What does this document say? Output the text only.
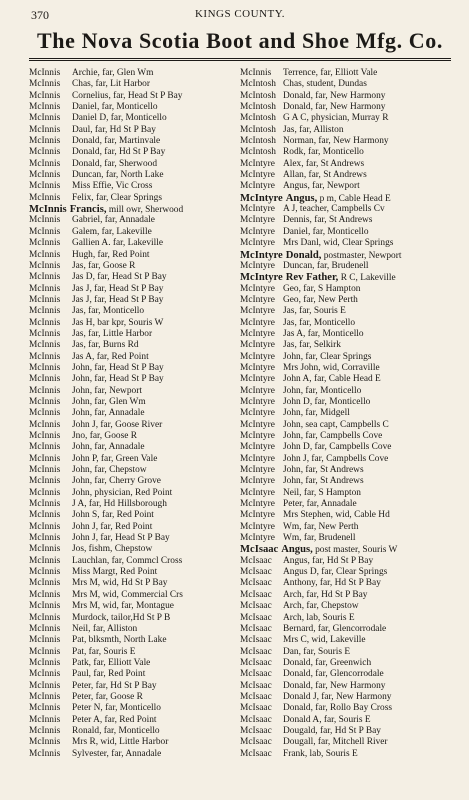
370	KINGS COUNTY.
The Nova Scotia Boot and Shoe Mfg. Co.
McInnis Archie, far, Glen Wm
McInnis Chas, far, Lit Harbor
McInnis Cornelius, far, Head St P Bay
McInnis Daniel, far, Monticello
McInnis Daniel D, far, Monticello
McInnis Daul, far, Hd St P Bay
McInnis Donald, far, Martinvale
McInnis Donald, far, Hd St P Bay
McInnis Donald, far, Sherwood
McInnis Duncan, far, North Lake
McInnis Miss Effie, Vic Cross
McInnis Felix, far, Clear Springs
McInnis Francis, mill owr, Sherwood
McInnis Gabriel, far, Annadale
McInnis Galem, far, Lakeville
McInnis Gallien A. far, Lakeville
McInnis Hugh, far, Red Point
McInnis Jas, far, Goose R
McInnis Jas D, far, Head St P Bay
McInnis Jas J, far, Head St P Bay
McInnis Jas J, far, Head St P Bay
McInnis Jas, far, Monticello
McInnis Jas H, bar kpr, Souris W
McInnis Jas, far, Little Harbor
McInnis Jas, far, Burns Rd
McInnis Jas A, far, Red Point
McInnis John, far, Head St P Bay
McInnis John, far, Head St P Bay
McInnis John, far, Newport
McInnis John, far, Glen Wm
McInnis John, far, Annadale
McInnis John J, far, Goose River
McInnis Jno, far, Goose R
McInnis John, far, Annadale
McInnis John P, far, Green Vale
McInnis John, far, Chepstow
McInnis John, far, Cherry Grove
McInnis John, physician, Red Point
McInnis J A, far, Hd Hillsborough
McInnis John S, far, Red Point
McInnis John J, far, Red Point
McInnis John J, far, Head St P Bay
McInnis Jos, fishm, Chepstow
McInnis Lauchlan, far, Commcl Cross
McInnis Miss Margt, Red Point
McInnis Mrs M, wid, Hd St P Bay
McInnis Mrs M, wid, Commercial Crs
McInnis Mrs M, wid, far, Montague
McInnis Murdock, tailor,Hd St P B
McInnis Neil, far, Alliston
McInnis Pat, blksmth, North Lake
McInnis Pat, far, Souris E
McInnis Patk, far, Elliott Vale
McInnis Paul, far, Red Point
McInnis Peter, far, Hd St P Bay
McInnis Peter, far, Goose R
McInnis Peter N, far, Monticello
McInnis Peter A, far, Red Point
McInnis Ronald, far, Monticello
McInnis Mrs R, wid, Little Harbor
McInnis Sylvester, far, Annadale
McInnis Terrence, far, Elliott Vale
McIntosh Chas, student, Dundas
McIntosh Donald, far, New Harmony
McIntosh Donald, far, New Harmony
McIntosh G A C, physician, Murray R
McIntosh Jas, far, Alliston
McIntosh Norman, far, New Harmony
McIntosh Rodk, far, Monticello
McIntyre Alex, far, St Andrews
McIntyre Allan, far, St Andrews
McIntyre Angus, far, Newport
McIntyre Angus, p m, Cable Head E
McIntyre A J, teacher, Campbells Cv
McIntyre Dennis, far, St Andrews
McIntyre Daniel, far, Monticello
McIntyre Mrs Danl, wid, Clear Springs
McIntyre Donald, postmaster, Newport
McIntyre Duncan, far, Brudenell
McIntyre Rev Father, R C, Lakeville
McIntyre Geo, far, S Hampton
McIntyre Geo, far, New Perth
McIntyre Jas, far, Souris E
McIntyre Jas, far, Monticello
McIntyre Jas A, far, Monticello
McIntyre Jas, far, Selkirk
McIntyre John, far, Clear Springs
McIntyre Mrs John, wid, Corraville
McIntyre John A, far, Cable Head E
McIntyre John, far, Monticello
McIntyre John D, far, Monticello
McIntyre John, far, Midgell
McIntyre John, sea capt, Campbells C
McIntyre John, far, Campbells Cove
McIntyre John D, far, Campbells Cove
McIntyre John J, far, Campbells Cove
McIntyre John, far, St Andrews
McIntyre John, far, St Andrews
McIntyre Neil, far, S Hampton
McIntyre Peter, far, Annadale
McIntyre Mrs Stephen, wid, Cable Hd
McIntyre Wm, far, New Perth
McIntyre Wm, far, Brudenell
McIsaac Angus, post master, Souris W
McIsaac Angus, far, Hd St P Bay
McIsaac Angus D, far, Clear Springs
McIsaac Anthony, far, Hd St P Bay
McIsaac Arch, far, Hd St P Bay
McIsaac Arch, far, Chepstow
McIsaac Arch, lab, Souris E
McIsaac Bernard, far, Glencorrodale
McIsaac Mrs C, wid, Lakeville
McIsaac Dan, far, Souris E
McIsaac Donald, far, Greenwich
McIsaac Donald, far, Glencorrodale
McIsaac Donald, far, New Harmony
McIsaac Donald J, far, New Harmony
McIsaac Donald, far, Rollo Bay Cross
McIsaac Donald A, far, Souris E
McIsaac Dougald, far, Hd St P Bay
McIsaac Dougall, far, Mitchell River
McIsaac Frank, lab, Souris E
